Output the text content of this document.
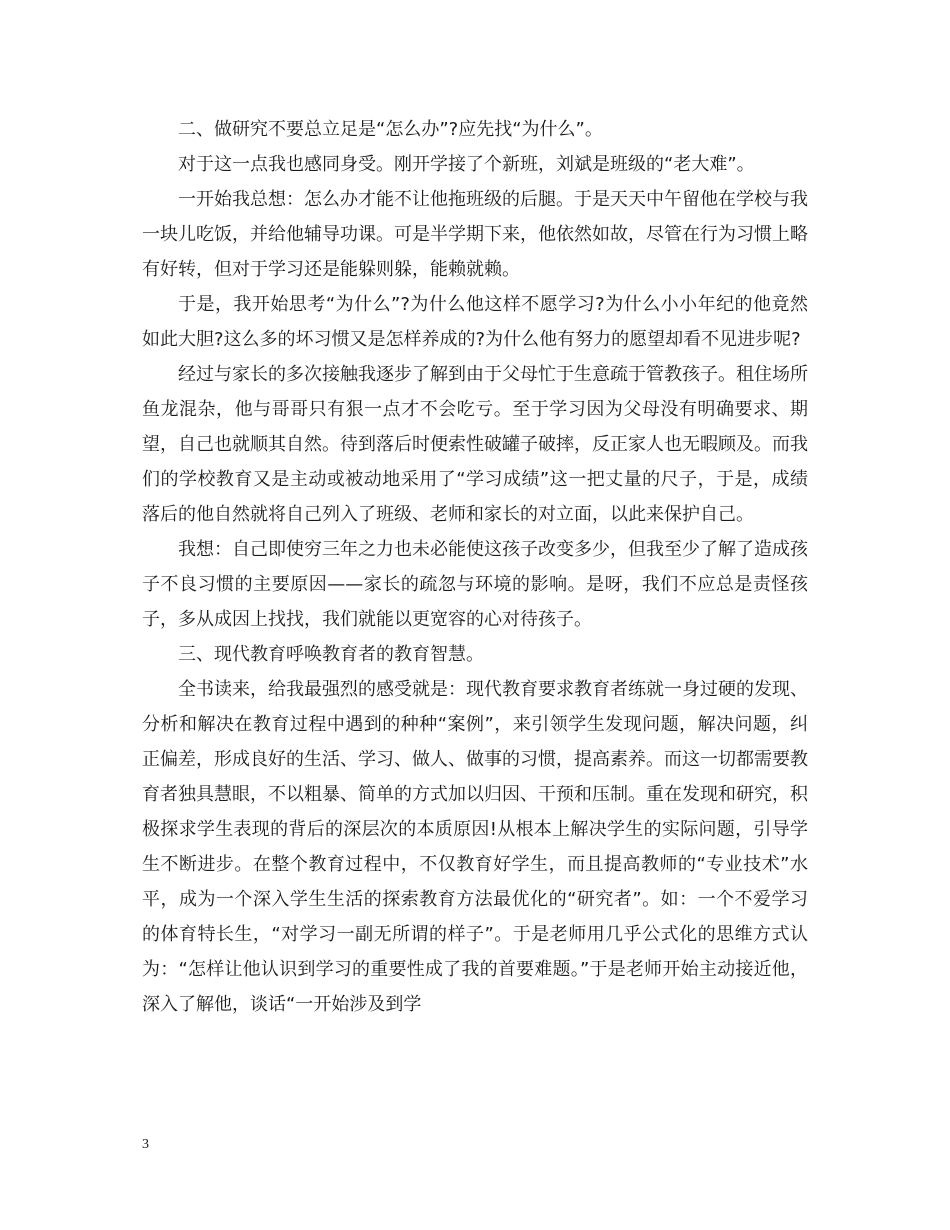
二、做研究不要总立足是“怎么办”?应先找“为什么”。

对于这一点我也感同身受。刚开学接了个新班，刘斌是班级的“老大难”。

一开始我总想：怎么办才能不让他拖班级的后腿。于是天天中午留他在学校与我一块儿吃饭，并给他辅导功课。可是半学期下来，他依然如故，尽管在行为习惯上略有好转，但对于学习还是能躲则躲，能赖就赖。

于是，我开始思考“为什么”?为什么他这样不愿学习?为什么小小年纪的他竟然如此大胆?这么多的坏习惯又是怎样养成的?为什么他有努力的愿望却看不见进步呢?

经过与家长的多次接触我逐步了解到由于父母忙于生意疏于管教孩子。租住场所鱼龙混杂，他与哥哥只有狠一点才不会吃亏。至于学习因为父母没有明确要求、期望，自己也就顺其自然。待到落后时便索性破罐子破摔，反正家人也无暇顾及。而我们的学校教育又是主动或被动地采用了“学习成绩”这一把丈量的尺子，于是，成绩落后的他自然就将自己列入了班级、老师和家长的对立面，以此来保护自己。

我想：自己即使穷三年之力也未必能使这孩子改变多少，但我至少了解了造成孩子不良习惯的主要原因——家长的疏忽与环境的影响。是呀，我们不应总是责怪孩子，多从成因上找找，我们就能以更宽容的心对待孩子。

三、现代教育呼唤教育者的教育智慧。

全书读来，给我最强烈的感受就是：现代教育要求教育者练就一身过硬的发现、分析和解决在教育过程中遇到的种种“案例”，来引领学生发现问题，解决问题，纠正偏差，形成良好的生活、学习、做人、做事的习惯，提高素养。而这一切都需要教育者独具慧眼，不以粗暴、简单的方式加以归因、干预和压制。重在发现和研究，积极探求学生表现的背后的深层次的本质原因!从根本上解决学生的实际问题，引导学生不断进步。在整个教育过程中，不仅教育好学生，而且提高教师的“专业技术”水平，成为一个深入学生生活的探索教育方法最优化的“研究者”。如：一个不爱学习的体育特长生，“对学习一副无所谓的样子”。于是老师用几乎公式化的思维方式认为：“怎样让他认识到学习的重要性成了我的首要难题。”于是老师开始主动接近他，深入了解他，谈话“一开始涉及到学

3
